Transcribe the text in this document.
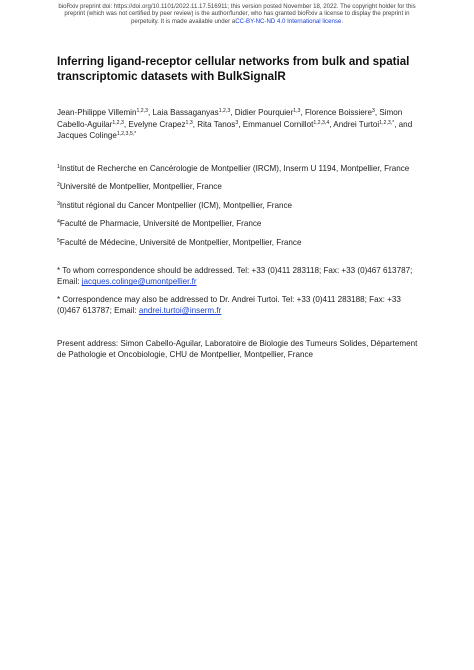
bioRxiv preprint doi: https://doi.org/10.1101/2022.11.17.516911; this version posted November 18, 2022. The copyright holder for this
preprint (which was not certified by peer review) is the author/funder, who has granted bioRxiv a license to display the preprint in
perpetuity. It is made available under aCC-BY-NC-ND 4.0 International license.
Inferring ligand-receptor cellular networks from bulk and spatial transcriptomic datasets with BulkSignalR
Jean-Philippe Villemin$^{1,2,3}$, Laia Bassaganyas$^{1,2,3}$, Didier Pourquier$^{1,3}$, Florence Boissiere$^3$, Simon Cabello-Aguilar$^{1,2,3}$, Evelyne Crapez$^{1,3}$, Rita Tanos$^3$, Emmanuel Cornillot$^{1,2,3,4}$, Andrei Turtoi$^{1,2,3,*}$, and Jacques Colinge$^{1,2,3,5,*}$
$^1$Institut de Recherche en Cancérologie de Montpellier (IRCM), Inserm U 1194, Montpellier, France
$^2$Université de Montpellier, Montpellier, France
$^3$Institut régional du Cancer Montpellier (ICM), Montpellier, France
$^4$Faculté de Pharmacie, Université de Montpellier, France
$^5$Faculté de Médecine, Université de Montpellier, Montpellier, France

* To whom correspondence should be addressed. Tel: +33 (0)411 283118; Fax: +33 (0)467 613787; Email: jacques.colinge@umontpellier.fr

* Correspondence may also be addressed to Dr. Andrei Turtoi. Tel: +33 (0)411 283188; Fax: +33 (0)467 613787; Email: andrei.turtoi@inserm.fr

Present address: Simon Cabello-Aguilar, Laboratoire de Biologie des Tumeurs Solides, Département de Pathologie et Oncobiologie, CHU de Montpellier, Montpellier, France
